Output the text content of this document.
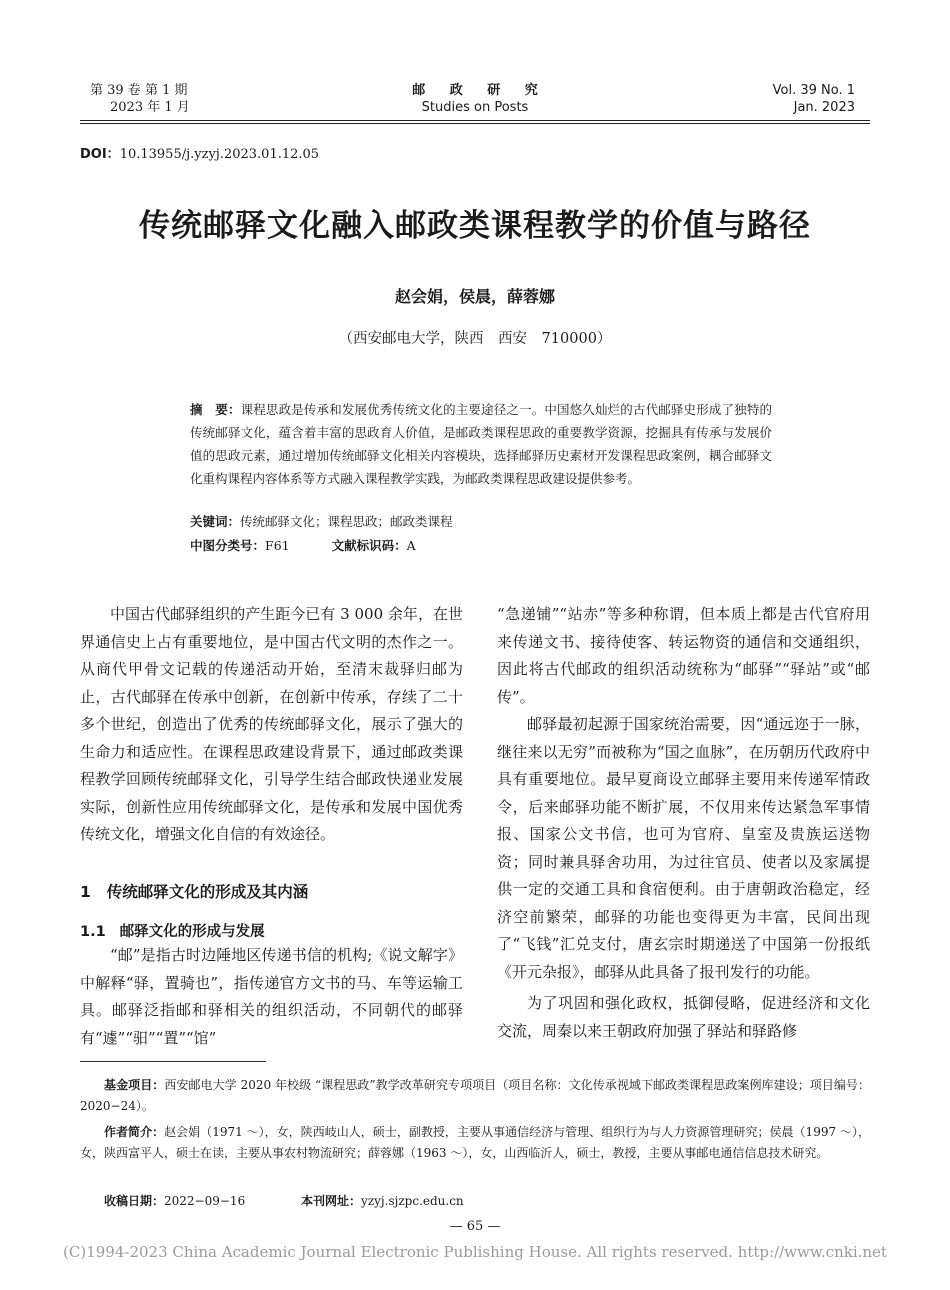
第 39 卷 第 1 期
2023 年 1 月
邮 政 研 究
Studies on Posts
Vol. 39 No. 1
Jan. 2023
DOI：10.13955/j.yzyj.2023.01.12.05
传统邮驿文化融入邮政类课程教学的价值与路径
赵会娟，侯晨，薛蓉娜
（西安邮电大学，陕西　西安　710000）
摘　要：课程思政是传承和发展优秀传统文化的主要途径之一。中国悠久灿烂的古代邮驿史形成了独特的传统邮驿文化，蕴含着丰富的思政育人价值，是邮政类课程思政的重要教学资源，挖掘具有传承与发展价值的思政元素，通过增加传统邮驿文化相关内容模块，选择邮驿历史素材开发课程思政案例，耦合邮驿文化重构课程内容体系等方式融入课程教学实践，为邮政类课程思政建设提供参考。
关键词：传统邮驿文化；课程思政；邮政类课程
中图分类号：F61	文献标识码：A

中国古代邮驿组织的产生距今已有 3 000 余年，在世界通信史上占有重要地位，是中国古代文明的杰作之一。从商代甲骨文记载的传递活动开始，至清末裁驿归邮为止，古代邮驿在传承中创新，在创新中传承，存续了二十多个世纪，创造出了优秀的传统邮驿文化，展示了强大的生命力和适应性。在课程思政建设背景下，通过邮政类课程教学回顾传统邮驿文化，引导学生结合邮政快递业发展实际，创新性应用传统邮驿文化，是传承和发展中国优秀传统文化，增强文化自信的有效途径。

1 传统邮驿文化的形成及其内涵
1.1 邮驿文化的形成与发展

“邮”是指古时边陲地区传递书信的机构;《说文解字》中解释“驿，置骑也”，指传递官方文书的马、车等运输工具。邮驿泛指邮和驿相关的组织活动，不同朝代的邮驿有“遽”“驲”“置”“馆”

“急递铺”“站赤”等多种称谓，但本质上都是古代官府用来传递文书、接待使客、转运物资的通信和交通组织，因此将古代邮政的组织活动统称为“邮驿”“驿站”或“邮传”。

邮驿最初起源于国家统治需要，因“通远迩于一脉，继往来以无穷”而被称为“国之血脉”，在历朝历代政府中具有重要地位。最早夏商设立邮驿主要用来传递军情政令，后来邮驿功能不断扩展，不仅用来传达紧急军事情报、国家公文书信，也可为官府、皇室及贵族运送物资；同时兼具驿舍功用，为过往官员、使者以及家属提供一定的交通工具和食宿便利。由于唐朝政治稳定，经济空前繁荣，邮驿的功能也变得更为丰富，民间出现了“飞钱”汇兑支付，唐玄宗时期递送了中国第一份报纸《开元杂报》，邮驿从此具备了报刊发行的功能。

为了巩固和强化政权，抵御侵略，促进经济和文化交流，周秦以来王朝政府加强了驿站和驿路修

基金项目：西安邮电大学 2020 年校级 “课程思政”教学改革研究专项项目（项目名称：文化传承视域下邮政类课程思政案例库建设；项目编号：2020−24）。
作者简介：赵会娟（1971 ～），女，陕西岐山人，硕士，副教授，主要从事通信经济与管理、组织行为与人力资源管理研究；侯晨（1997 ～），女，陕西富平人，硕士在读，主要从事农村物流研究；薛蓉娜（1963 ～），女，山西临沂人，硕士，教授，主要从事邮电通信信息技术研究。
收稿日期：2022−09−16	本刊网址：yzyj.sjzpc.edu.cn
— 65 —
(C)1994-2023 China Academic Journal Electronic Publishing House. All rights reserved. http://www.cnki.net
